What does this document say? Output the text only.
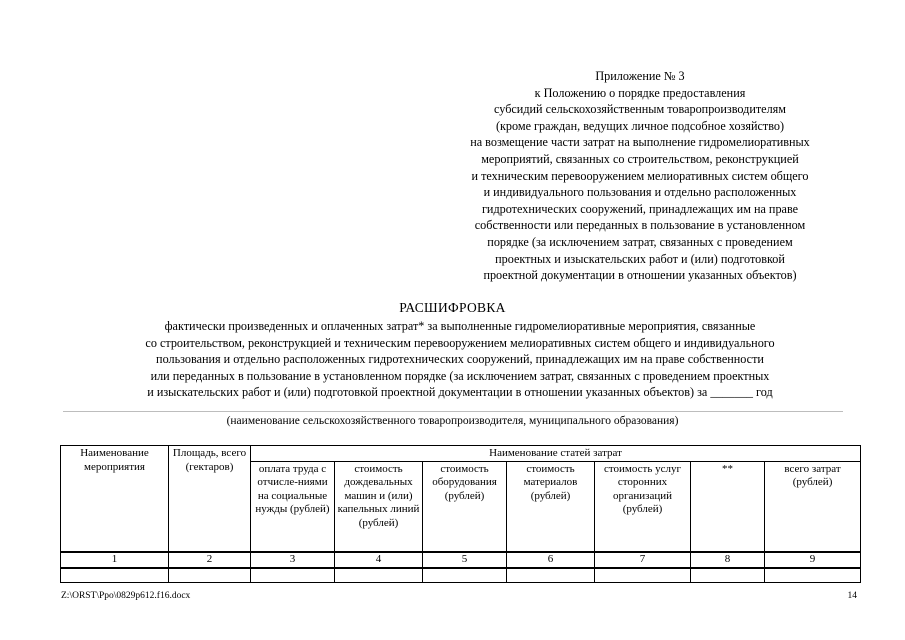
Приложение № 3
к Положению о порядке предоставления
субсидий сельскохозяйственным товаропроизводителям
(кроме граждан, ведущих личное подсобное хозяйство)
на возмещение части затрат на выполнение гидромелиоративных
мероприятий, связанных со строительством, реконструкцией
и техническим перевооружением мелиоративных систем общего
и индивидуального пользования и отдельно расположенных
гидротехнических сооружений, принадлежащих им на праве
собственности или переданных в пользование в установленном
порядке (за исключением затрат, связанных с проведением
проектных и изыскательских работ и (или) подготовкой
проектной документации в отношении указанных объектов)
РАСШИФРОВКА
фактически произведенных и оплаченных затрат* за выполненные гидромелиоративные мероприятия, связанные
со строительством, реконструкцией и техническим перевооружением мелиоративных систем общего и индивидуального
пользования и отдельно расположенных гидротехнических сооружений, принадлежащих им на праве собственности
или переданных в пользование в установленном порядке (за исключением затрат, связанных с проведением проектных
и изыскательских работ и (или) подготовкой проектной документации в отношении указанных объектов) за _______ год
(наименование сельскохозяйственного товаропроизводителя, муниципального образования)
Наименование мероприятия	Площадь, всего (гектаров)	Наименование статей затрат						
		оплата труда с отчисле-ниями на социальные нужды (рублей)	стоимость дождевальных машин и (или) капельных линий (рублей)	стоимость оборудования (рублей)	стоимость материалов (рублей)	стоимость услуг сторонних организаций (рублей)	**	всего затрат (рублей)
1	2	3	4	5	6	7	8	9

Z:\ORST\Ppo\0829p612.f16.docx	14
